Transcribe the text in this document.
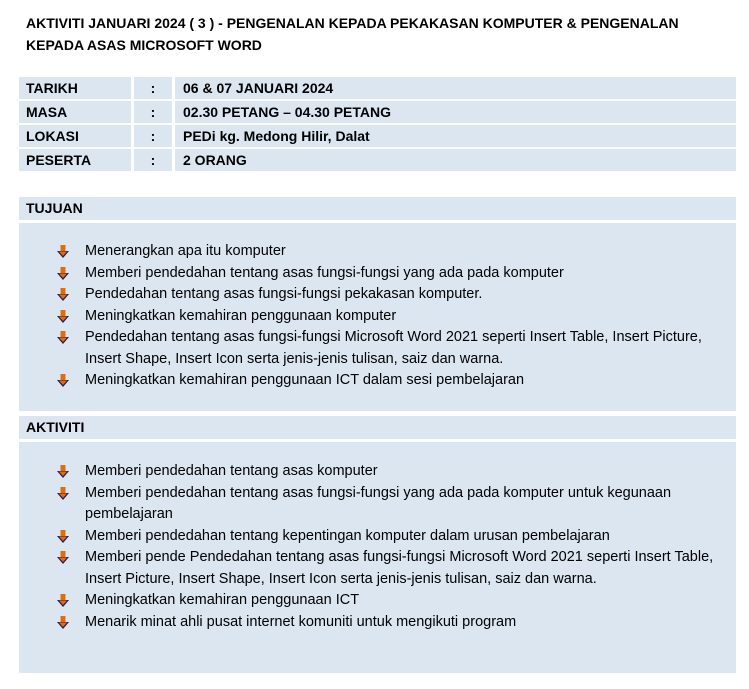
AKTIVITI JANUARI 2024 ( 3 ) - PENGENALAN KEPADA PEKAKASAN KOMPUTER & PENGENALAN KEPADA ASAS MICROSOFT WORD
TARIKH	:	06 & 07 JANUARI 2024
MASA	:	02.30 PETANG – 04.30 PETANG
LOKASI	:	PEDi kg. Medong Hilir, Dalat
PESERTA	:	2 ORANG
TUJUAN
Menerangkan apa itu komputer
Memberi pendedahan tentang asas fungsi-fungsi yang ada pada komputer
Pendedahan tentang asas fungsi-fungsi pekakasan komputer.
Meningkatkan kemahiran penggunaan komputer
Pendedahan tentang asas fungsi-fungsi Microsoft Word 2021 seperti Insert Table, Insert Picture, Insert Shape, Insert Icon serta jenis-jenis tulisan, saiz dan warna.
Meningkatkan kemahiran penggunaan ICT dalam sesi pembelajaran
AKTIVITI
Memberi pendedahan tentang asas komputer
Memberi pendedahan tentang asas fungsi-fungsi yang ada pada komputer untuk kegunaan pembelajaran
Memberi pendedahan tentang kepentingan komputer dalam urusan pembelajaran
Memberi pende Pendedahan tentang asas fungsi-fungsi Microsoft Word 2021 seperti Insert Table, Insert Picture, Insert Shape, Insert Icon serta jenis-jenis tulisan, saiz dan warna.
Meningkatkan kemahiran penggunaan ICT
Menarik minat ahli pusat internet komuniti untuk mengikuti program
